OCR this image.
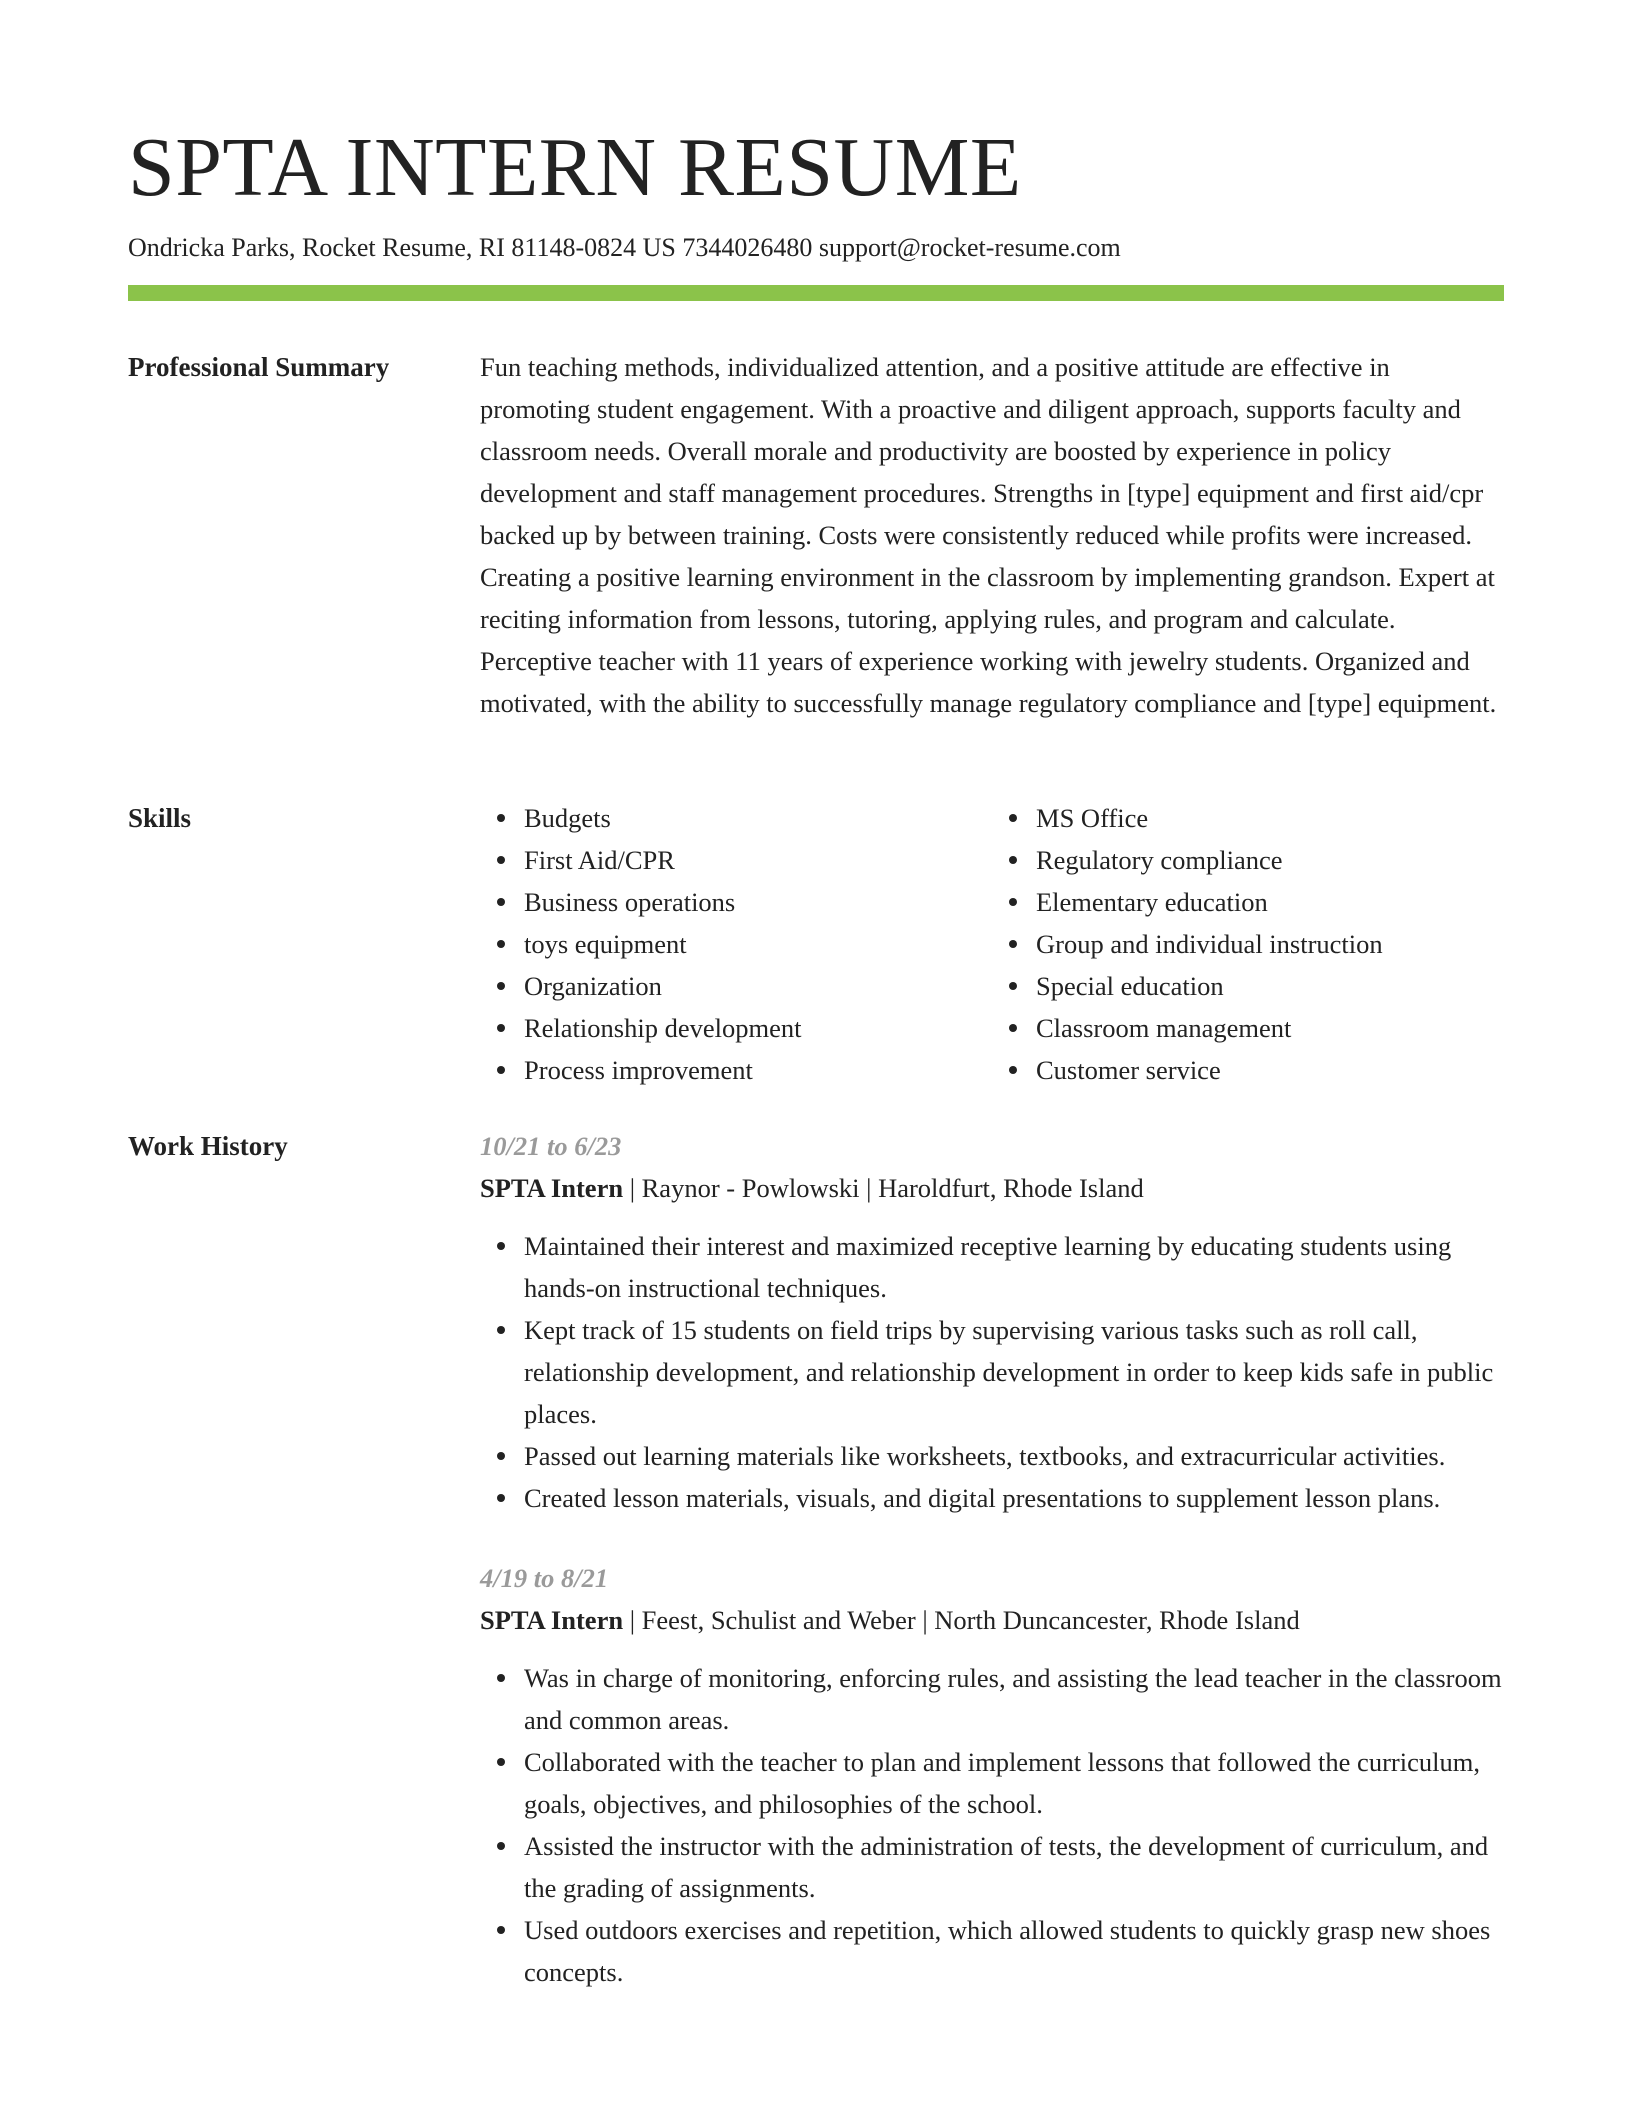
SPTA INTERN RESUME
Ondricka Parks, Rocket Resume, RI 81148-0824 US 7344026480 support@rocket-resume.com
Professional Summary	Fun teaching methods, individualized attention, and a positive attitude are effective in promoting student engagement. With a proactive and diligent approach, supports faculty and classroom needs. Overall morale and productivity are boosted by experience in policy development and staff management procedures. Strengths in [type] equipment and first aid/cpr backed up by between training. Costs were consistently reduced while profits were increased. Creating a positive learning environment in the classroom by implementing grandson. Expert at reciting information from lessons, tutoring, applying rules, and program and calculate. Perceptive teacher with 11 years of experience working with jewelry students. Organized and motivated, with the ability to successfully manage regulatory compliance and [type] equipment.

Skills	Budgets
First Aid/CPR
Business operations
toys equipment
Organization
Relationship development
Process improvement
MS Office
Regulatory compliance
Elementary education
Group and individual instruction
Special education
Classroom management
Customer service
Work History	10/21 to 6/23
SPTA Intern | Raynor - Powlowski | Haroldfurt, Rhode Island
Maintained their interest and maximized receptive learning by educating students using hands-on instructional techniques.
Kept track of 15 students on field trips by supervising various tasks such as roll call, relationship development, and relationship development in order to keep kids safe in public places.
Passed out learning materials like worksheets, textbooks, and extracurricular activities.
Created lesson materials, visuals, and digital presentations to supplement lesson plans.
4/19 to 8/21
SPTA Intern | Feest, Schulist and Weber | North Duncancester, Rhode Island
Was in charge of monitoring, enforcing rules, and assisting the lead teacher in the classroom and common areas.
Collaborated with the teacher to plan and implement lessons that followed the curriculum, goals, objectives, and philosophies of the school.
Assisted the instructor with the administration of tests, the development of curriculum, and the grading of assignments.
Used outdoors exercises and repetition, which allowed students to quickly grasp new shoes concepts.
